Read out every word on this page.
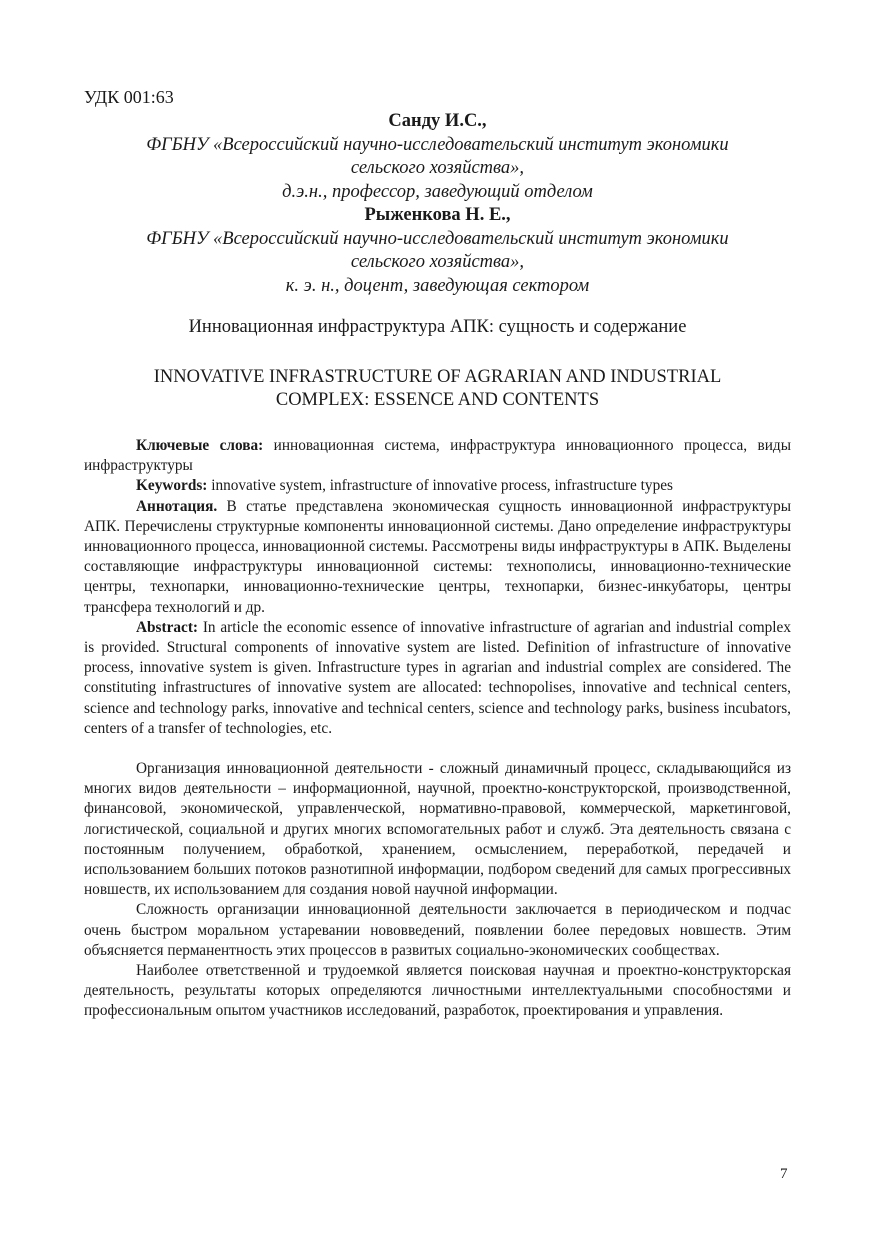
УДК 001:63
Санду И.С.,
ФГБНУ «Всероссийский научно-исследовательский институт экономики
сельского хозяйства»,
д.э.н., профессор, заведующий отделом
Рыженкова Н. Е.,
ФГБНУ «Всероссийский научно-исследовательский институт экономики
сельского хозяйства»,
к. э. н., доцент, заведующая сектором
Инновационная инфраструктура АПК: сущность и содержание
INNOVATIVE INFRASTRUCTURE OF AGRARIAN AND INDUSTRIAL
COMPLEX: ESSENCE AND CONTENTS

Ключевые слова: инновационная система, инфраструктура инновационного процесса, виды инфраструктуры

Keywords: innovative system, infrastructure of innovative process, infrastructure types

Аннотация. В статье представлена экономическая сущность инновационной инфраструктуры АПК. Перечислены структурные компоненты инновационной системы. Дано определение инфраструктуры инновационного процесса, инновационной системы. Рассмотрены виды инфраструктуры в АПК. Выделены составляющие инфраструктуры инновационной системы: технополисы, инновационно-технические центры, технопарки, инновационно-технические центры, технопарки, бизнес-инкубаторы, центры трансфера технологий и др.

Abstract: In article the economic essence of innovative infrastructure of agrarian and industrial complex is provided. Structural components of innovative system are listed. Definition of infrastructure of innovative process, innovative system is given. Infrastructure types in agrarian and industrial complex are considered. The constituting infrastructures of innovative system are allocated: technopolises, innovative and technical centers, science and technology parks, innovative and technical centers, science and technology parks, business incubators, centers of a transfer of technologies, etc.

Организация инновационной деятельности - сложный динамичный процесс, складывающийся из многих видов деятельности – информационной, научной, проектно-конструкторской, производственной, финансовой, экономической, управленческой, нормативно-правовой, коммерческой, маркетинговой, логистической, социальной и других многих вспомогательных работ и служб. Эта деятельность связана с постоянным получением, обработкой, хранением, осмыслением, переработкой, передачей и использованием больших потоков разнотипной информации, подбором сведений для самых прогрессивных новшеств, их использованием для создания новой научной информации.

Сложность организации инновационной деятельности заключается в периодическом и подчас очень быстром моральном устаревании нововведений, появлении более передовых новшеств. Этим объясняется перманентность этих процессов в развитых социально-экономических сообществах.

Наиболее ответственной и трудоемкой является поисковая научная и проектно-конструкторская деятельность, результаты которых определяются личностными интеллектуальными способностями и профессиональным опытом участников исследований, разработок, проектирования и управления.

7
